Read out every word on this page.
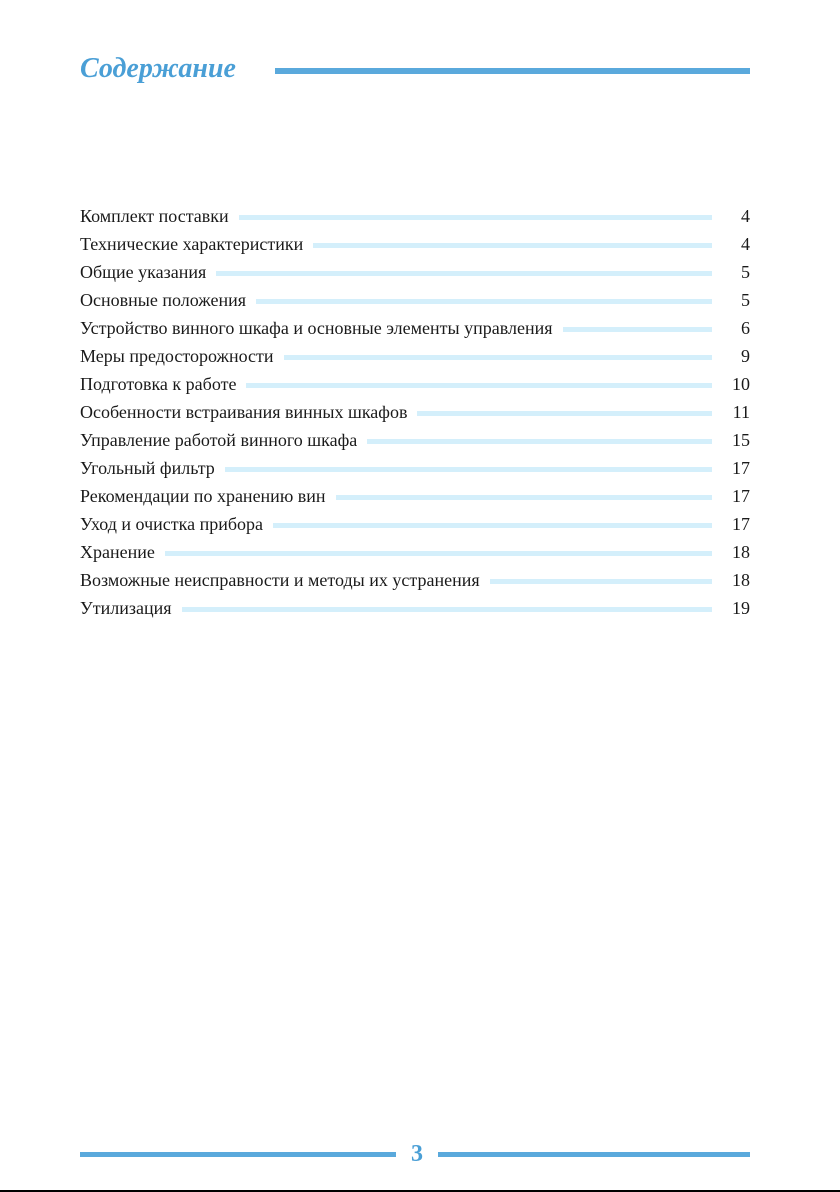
Содержание
Комплект поставки	4
Технические характеристики	4
Общие указания	5
Основные положения	5
Устройство винного шкафа и основные элементы управления	6
Меры предосторожности	9
Подготовка к работе	10
Особенности встраивания винных шкафов	11
Управление работой винного шкафа	15
Угольный фильтр	17
Рекомендации по хранению вин	17
Уход и очистка прибора	17
Хранение	18
Возможные неисправности и методы их устранения	18
Утилизация	19
3
